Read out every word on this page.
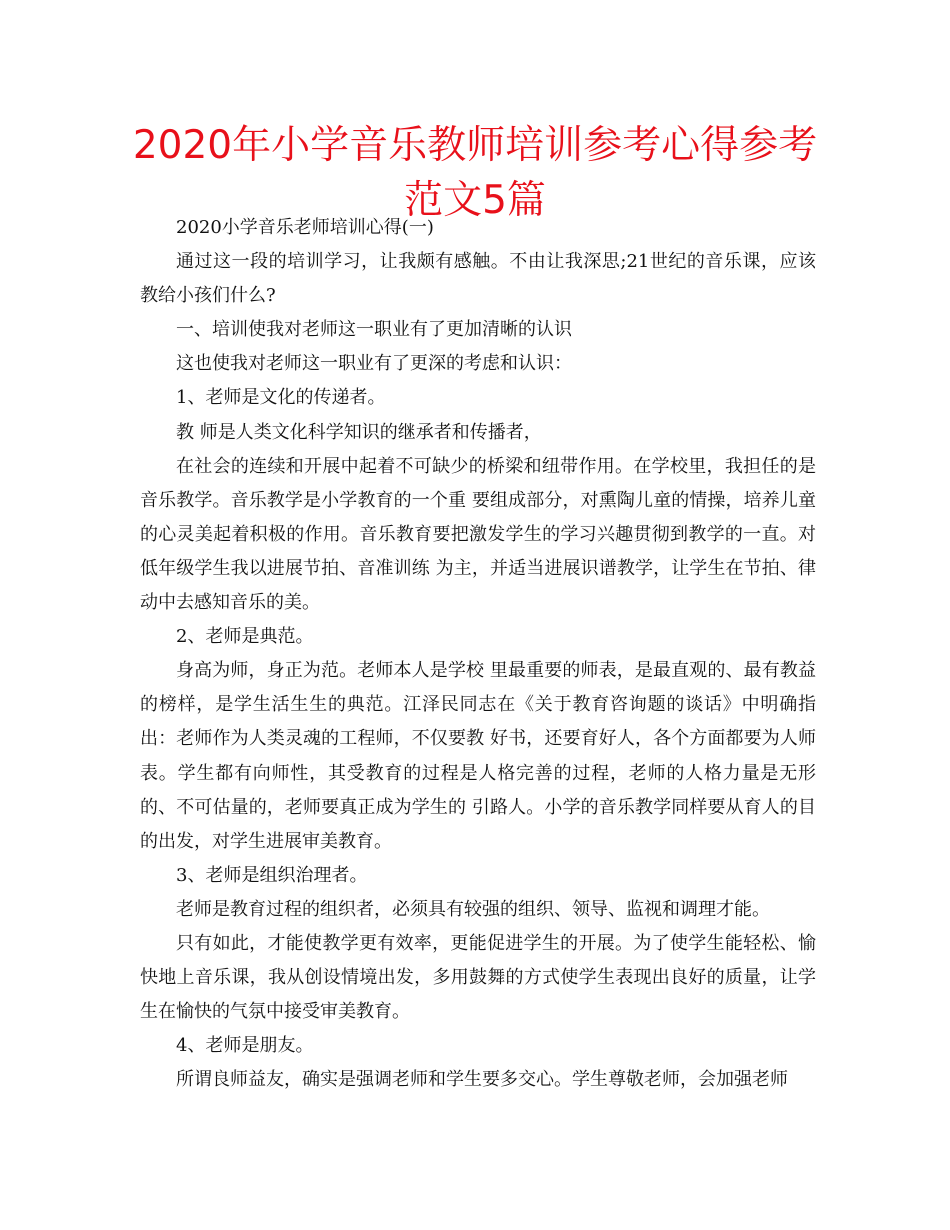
2020年小学音乐教师培训参考心得参考范文5篇

2020小学音乐老师培训心得(一)

通过这一段的培训学习，让我颇有感触。不由让我深思;21世纪的音乐课，应该教给小孩们什么?

一、培训使我对老师这一职业有了更加清晰的认识

这也使我对老师这一职业有了更深的考虑和认识：

1、老师是文化的传递者。

教 师是人类文化科学知识的继承者和传播者，

在社会的连续和开展中起着不可缺少的桥梁和纽带作用。在学校里，我担任的是音乐教学。音乐教学是小学教育的一个重 要组成部分，对熏陶儿童的情操，培养儿童的心灵美起着积极的作用。音乐教育要把激发学生的学习兴趣贯彻到教学的一直。对低年级学生我以进展节拍、音准训练 为主，并适当进展识谱教学，让学生在节拍、律动中去感知音乐的美。

2、老师是典范。

身高为师，身正为范。老师本人是学校 里最重要的师表，是最直观的、最有教益的榜样，是学生活生生的典范。江泽民同志在《关于教育咨询题的谈话》中明确指出：老师作为人类灵魂的工程师，不仅要教 好书，还要育好人，各个方面都要为人师表。学生都有向师性，其受教育的过程是人格完善的过程，老师的人格力量是无形的、不可估量的，老师要真正成为学生的 引路人。小学的音乐教学同样要从育人的目的出发，对学生进展审美教育。

3、老师是组织治理者。

老师是教育过程的组织者，必须具有较强的组织、领导、监视和调理才能。

只有如此，才能使教学更有效率，更能促进学生的开展。为了使学生能轻松、愉快地上音乐课，我从创设情境出发，多用鼓舞的方式使学生表现出良好的质量，让学生在愉快的气氛中接受审美教育。

4、老师是朋友。

所谓良师益友，确实是强调老师和学生要多交心。学生尊敬老师，会加强老师
